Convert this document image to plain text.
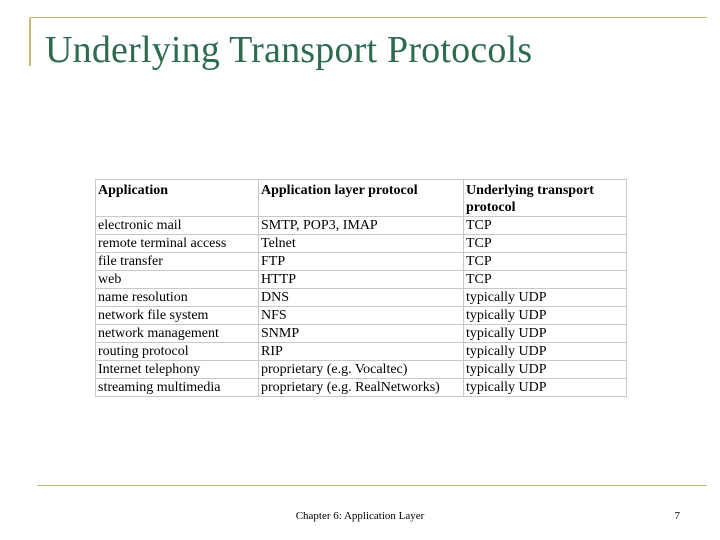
Underlying Transport Protocols
Application	Application layer protocol	Underlying transport protocol
electronic mail	SMTP, POP3, IMAP	TCP
remote terminal access	Telnet	TCP
file transfer	FTP	TCP
web	HTTP	TCP
name resolution	DNS	typically UDP
network file system	NFS	typically UDP
network management	SNMP	typically UDP
routing protocol	RIP	typically UDP
Internet telephony	proprietary (e.g. Vocaltec)	typically UDP
streaming multimedia	proprietary (e.g. RealNetworks)	typically UDP
Chapter 6: Application Layer	7
